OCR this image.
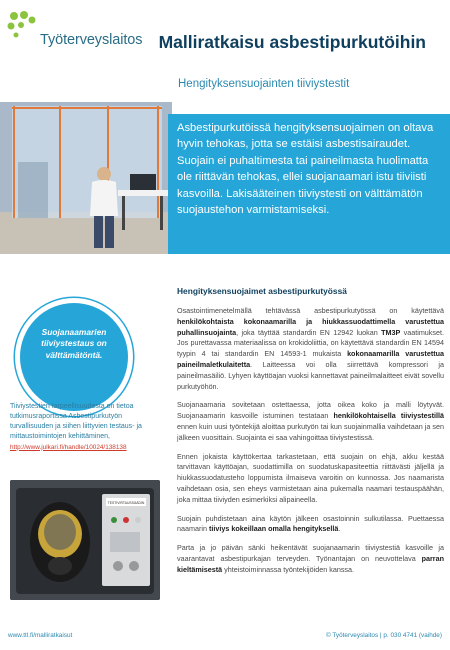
Työterveyslaitos Malliratkaisu asbestipurkutöihin
Hengityksensuojainten tiiviystestit
Asbestipurkutöissä hengityksensuojaimen on oltava hyvin tehokas, jotta se estäisi asbestisairaudet. Suojain ei puhaltimesta tai paineilmasta huolimatta ole riittävän tehokas, ellei suojanaamari istu tiiviisti kasvoilla. Lakisääteinen tiiviystesti on välttämätön suojaustehon varmistamiseksi.
Suojanaamarien tiiviystestaus on välttämätöntä.
Tiiviystestien tarpeellisuudesta on tietoa tutkimusraportissa Asbestipurkutyön turvallisuuden ja siihen liittyvien testaus- ja mittaustoimintojen kehittäminen,
http://www.julkari.fi/handle/10024/138138
TESTIVIRTAUSSÄÄDIN
Hengityksensuojaimet asbestipurkutyössä

Osastointimenetelmällä tehtävässä asbestipurkutyössä on käytettävä henkilökohtaista kokonaamarilla ja hiukkassuodattimella varustettua puhallinsuojainta, joka täyttää standardin EN 12942 luokan TM3P vaatimukset. Jos purettavassa materiaalissa on krokidoliittia, on käytettävä standardin EN 14594 tyypin 4 tai standardin EN 14593-1 mukaista kokonaamarilla varustettua paineilmaletkulaitetta. Laitteessa voi olla siirrettävä kompressori ja paineilmasäiliö. Lyhyen käyttöajan vuoksi kannettavat paineilmalaitteet eivät sovellu purkutyöhön.

Suojanaamaria sovitetaan ostettaessa, jotta oikea koko ja malli löytyvät. Suojanaamarin kasvoille istuminen testataan henkilökohtaisella tiiviystestillä ennen kuin uusi työntekijä aloittaa purkutyön tai kun suojainmallia vaihdetaan ja sen jälkeen vuosittain. Suojainta ei saa vahingoittaa tiiviystestissä.

Ennen jokaista käyttökertaa tarkastetaan, että suojain on ehjä, akku kestää tarvittavan käyttöajan, suodattimilla on suodatuskapasiteettia riittävästi jäljellä ja hiukkassuodatusteho loppumista ilmaiseva varoitin on kunnossa. Jos naamarista vaihdetaan osia, sen eheys varmistetaan aina pukemalla naamari testauspäähän, joka mittaa tiiviyden esimerkiksi alipaineella.

Suojain puhdistetaan aina käytön jälkeen osastoinnin sulkutilassa. Puettaessa naamarin tiiviys kokeillaan omalla hengityksellä.

Parta ja jo päivän sänki heikentävät suojanaamarin tiiviystestiä kasvoille ja vaarantavat asbestipurkajan terveyden. Työnantajan on neuvottelava parran kieltämisestä yhteistoiminnassa työntekijöiden kanssa.

www.ttl.fi/malliratkaisut	© Työterveyslaitos | p. 030 4741 (vaihde)
